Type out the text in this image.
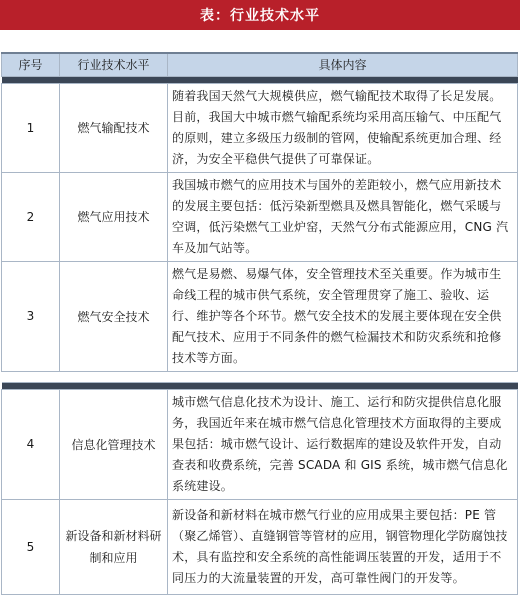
表：行业技术水平

序号	行业技术水平	具体内容
1	燃气输配技术	随着我国天然气大规模供应，燃气输配技术取得了长足发展。目前，我国大中城市燃气输配系统均采用高压输气、中压配气的原则，建立多级压力级制的管网，使输配系统更加合理、经济，为安全平稳供气提供了可靠保证。
2	燃气应用技术	我国城市燃气的应用技术与国外的差距较小，燃气应用新技术的发展主要包括：低污染新型燃具及燃具智能化，燃气采暖与空调，低污染燃气工业炉窑，天然气分布式能源应用，CNG 汽车及加气站等。
3	燃气安全技术	燃气是易燃、易爆气体，安全管理技术至关重要。作为城市生命线工程的城市供气系统，安全管理贯穿了施工、验收、运行、维护等各个环节。燃气安全技术的发展主要体现在安全供配气技术、应用于不同条件的燃气检漏技术和防灾系统和抢修技术等方面。

4	信息化管理技术	城市燃气信息化技术为设计、施工、运行和防灾提供信息化服务，我国近年来在城市燃气信息化管理技术方面取得的主要成果包括：城市燃气设计、运行数据库的建设及软件开发，自动查表和收费系统，完善 SCADA 和 GIS 系统，城市燃气信息化系统建设。
5	新设备和新材料研制和应用	新设备和新材料在城市燃气行业的应用成果主要包括：PE 管（聚乙烯管）、直缝钢管等管材的应用，钢管物理化学防腐蚀技术，具有监控和安全系统的高性能调压装置的开发，适用于不同压力的大流量装置的开发，高可靠性阀门的开发等。
